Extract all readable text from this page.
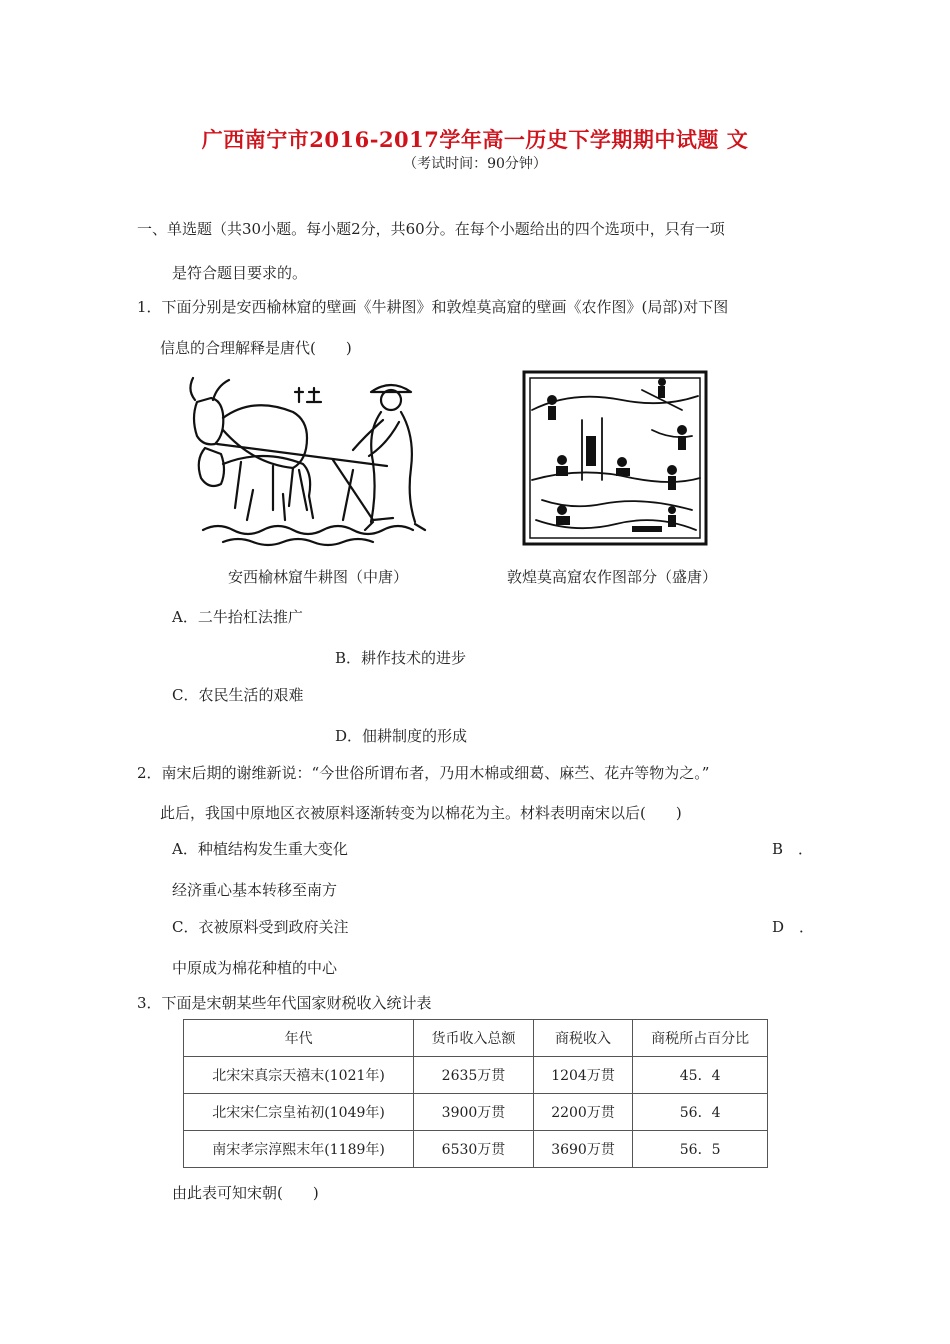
广西南宁市2016-2017学年高一历史下学期期中试题 文
（考试时间：90分钟）
一、单选题（共30小题。每小题2分，共60分。在每个小题给出的四个选项中，只有一项
是符合题目要求的。
1．下面分别是安西榆林窟的壁画《牛耕图》和敦煌莫高窟的壁画《农作图》(局部)对下图
信息的合理解释是唐代(　　)
安西榆林窟牛耕图（中唐）	敦煌莫高窟农作图部分（盛唐）
A．二牛抬杠法推广
B．耕作技术的进步
C．农民生活的艰难
D．佃耕制度的形成
2．南宋后期的谢维新说：“今世俗所谓布者，乃用木棉或细葛、麻苎、花卉等物为之。”
此后，我国中原地区衣被原料逐渐转变为以棉花为主。材料表明南宋以后(　　)
A．种植结构发生重大变化	B　．
经济重心基本转移至南方
C．衣被原料受到政府关注	D　．
中原成为棉花种植的中心
3．下面是宋朝某些年代国家财税收入统计表
年代	货币收入总额	商税收入	商税所占百分比
北宋宋真宗天禧末(1021年)	2635万贯	1204万贯	45．4
北宋宋仁宗皇祐初(1049年)	3900万贯	2200万贯	56．4
南宋孝宗淳熙末年(1189年)	6530万贯	3690万贯	56．5
由此表可知宋朝(　　)
